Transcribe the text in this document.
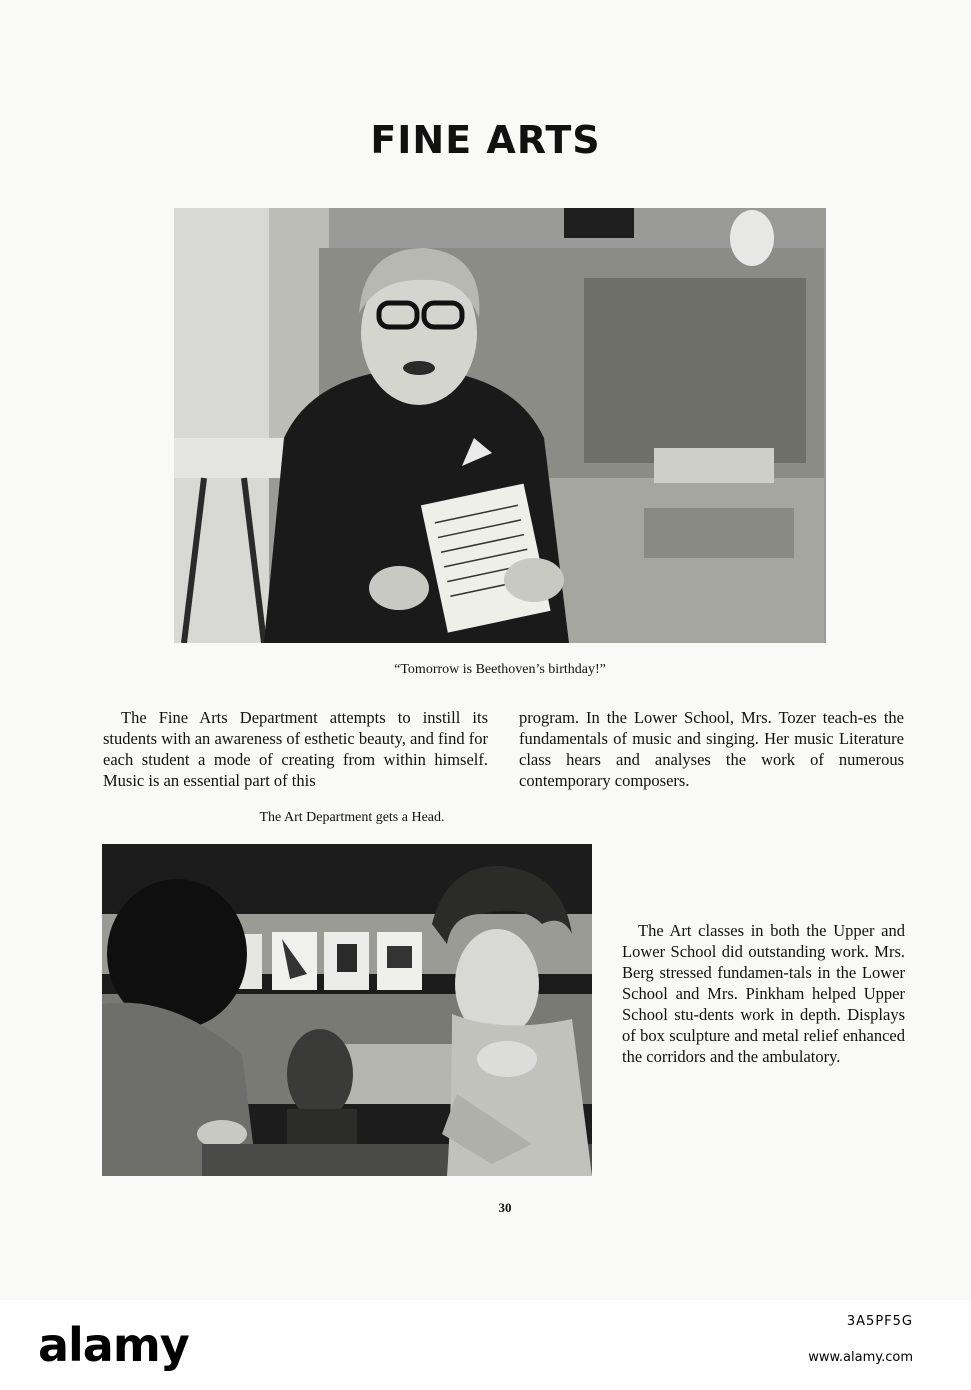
FINE ARTS
“Tomorrow is Beethoven’s birthday!”
The Fine Arts Department attempts to instill its students with an awareness of esthetic beauty, and find for each student a mode of creating from within himself. Music is an essential part of this
program. In the Lower School, Mrs. Tozer teach-es the fundamentals of music and singing. Her music Literature class hears and analyses the work of numerous contemporary composers.
The Art Department gets a Head.
The Art classes in both the Upper and Lower School did outstanding work. Mrs. Berg stressed fundamen-tals in the Lower School and Mrs. Pinkham helped Upper School stu-dents work in depth. Displays of box sculpture and metal relief enhanced the corridors and the ambulatory.
30
alamy	3A5PF5G
www.alamy.com
